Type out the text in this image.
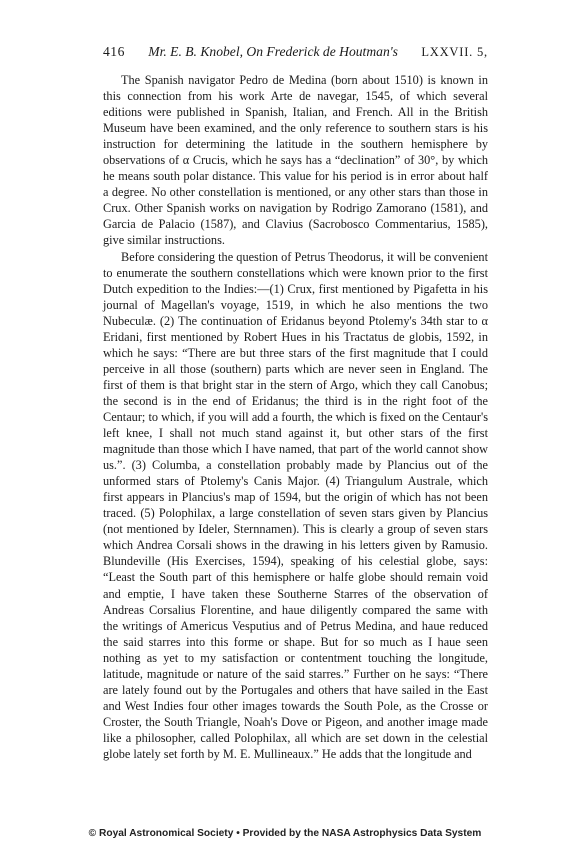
416 Mr. E. B. Knobel, On Frederick de Houtman's LXXVII. 5,

The Spanish navigator Pedro de Medina (born about 1510) is known in this connection from his work Arte de navegar, 1545, of which several editions were published in Spanish, Italian, and French. All in the British Museum have been examined, and the only reference to southern stars is his instruction for determining the latitude in the southern hemisphere by observations of α Crucis, which he says has a “declination” of 30°, by which he means south polar distance. This value for his period is in error about half a degree. No other constellation is mentioned, or any other stars than those in Crux. Other Spanish works on navigation by Rodrigo Zamorano (1581), and Garcia de Palacio (1587), and Clavius (Sacrobosco Commentarius, 1585), give similar instructions.

Before considering the question of Petrus Theodorus, it will be convenient to enumerate the southern constellations which were known prior to the first Dutch expedition to the Indies:—(1) Crux, first mentioned by Pigafetta in his journal of Magellan's voyage, 1519, in which he also mentions the two Nubeculæ. (2) The continuation of Eridanus beyond Ptolemy's 34th star to α Eridani, first mentioned by Robert Hues in his Tractatus de globis, 1592, in which he says: “There are but three stars of the first magnitude that I could perceive in all those (southern) parts which are never seen in England. The first of them is that bright star in the stern of Argo, which they call Canobus; the second is in the end of Eridanus; the third is in the right foot of the Centaur; to which, if you will add a fourth, the which is fixed on the Centaur's left knee, I shall not much stand against it, but other stars of the first magnitude than those which I have named, that part of the world cannot show us.”. (3) Columba, a constellation probably made by Plancius out of the unformed stars of Ptolemy's Canis Major. (4) Triangulum Australe, which first appears in Plancius's map of 1594, but the origin of which has not been traced. (5) Polophilax, a large constellation of seven stars given by Plancius (not mentioned by Ideler, Sternnamen). This is clearly a group of seven stars which Andrea Corsali shows in the drawing in his letters given by Ramusio. Blundeville (His Exercises, 1594), speaking of his celestial globe, says: “Least the South part of this hemisphere or halfe globe should remain void and emptie, I have taken these Southerne Starres of the observation of Andreas Corsalius Florentine, and haue diligently compared the same with the writings of Americus Vesputius and of Petrus Medina, and haue reduced the said starres into this forme or shape. But for so much as I haue seen nothing as yet to my satisfaction or contentment touching the longitude, latitude, magnitude or nature of the said starres.” Further on he says: “There are lately found out by the Portugales and others that have sailed in the East and West Indies four other images towards the South Pole, as the Crosse or Croster, the South Triangle, Noah's Dove or Pigeon, and another image made like a philosopher, called Polophilax, all which are set down in the celestial globe lately set forth by M. E. Mullineaux.” He adds that the longitude and

© Royal Astronomical Society • Provided by the NASA Astrophysics Data System
